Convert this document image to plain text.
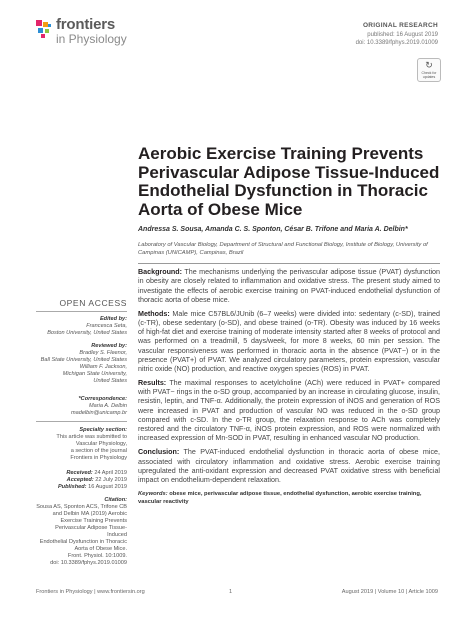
frontiers
in Physiology
ORIGINAL RESEARCH
published: 16 August 2019
doi: 10.3389/fphys.2019.01009
↻
Check for updates
Aerobic Exercise Training Prevents Perivascular Adipose Tissue-Induced Endothelial Dysfunction in Thoracic Aorta of Obese Mice
Andressa S. Sousa, Amanda C. S. Sponton, César B. Trifone and Maria A. Delbin*
Laboratory of Vascular Biology, Department of Structural and Functional Biology, Institute of Biology, University of Campinas (UNICAMP), Campinas, Brazil

Background: The mechanisms underlying the perivascular adipose tissue (PVAT) dysfunction in obesity are closely related to inflammation and oxidative stress. The present study aimed to investigate the effects of aerobic exercise training on PVAT-induced endothelial dysfunction of thoracic aorta of obese mice.

Methods: Male mice C57BL6/JUnib (6–7 weeks) were divided into: sedentary (c-SD), trained (c-TR), obese sedentary (o-SD), and obese trained (o-TR). Obesity was induced by 16 weeks of high-fat diet and exercise training of moderate intensity started after 8 weeks of protocol and was performed on a treadmill, 5 days/week, for more 8 weeks, 60 min per session. The vascular responsiveness was performed in thoracic aorta in the absence (PVAT−) or in the presence (PVAT+) of PVAT. We analyzed circulatory parameters, protein expression, vascular nitric oxide (NO) production, and reactive oxygen species (ROS) in PVAT.

Results: The maximal responses to acetylcholine (ACh) were reduced in PVAT+ compared with PVAT− rings in the o-SD group, accompanied by an increase in circulating glucose, insulin, resistin, leptin, and TNF-α. Additionally, the protein expression of iNOS and generation of ROS were increased in PVAT and production of vascular NO was reduced in the o-SD group compared with c-SD. In the o-TR group, the relaxation response to ACh was completely restored and the circulatory TNF-α, iNOS protein expression, and ROS were normalized with increased expression of Mn-SOD in PVAT, resulting in enhanced vascular NO production.

Conclusion: The PVAT-induced endothelial dysfunction in thoracic aorta of obese mice, associated with circulatory inflammation and oxidative stress. Aerobic exercise training upregulated the anti-oxidant expression and decreased PVAT oxidative stress with beneficial impact on endothelium-dependent relaxation.

Keywords: obese mice, perivascular adipose tissue, endothelial dysfunction, aerobic exercise training, vascular reactivity

OPEN ACCESS
Edited by:
Francesca Seta,
Boston University, United States
Reviewed by:
Bradley S. Fleenor,
Ball State University, United States
William F. Jackson,
Michigan State University,
United States
*Correspondence:
Maria A. Delbin
madelbin@unicamp.br
Specialty section:
This article was submitted to
Vascular Physiology,
a section of the journal
Frontiers in Physiology
Received: 24 April 2019
Accepted: 22 July 2019
Published: 16 August 2019
Citation:
Sousa AS, Sponton ACS, Trifone CB
and Delbin MA (2019) Aerobic
Exercise Training Prevents
Perivascular Adipose Tissue-Induced
Endothelial Dysfunction in Thoracic
Aorta of Obese Mice.
Front. Physiol. 10:1009.
doi: 10.3389/fphys.2019.01009
Frontiers in Physiology | www.frontiersin.org	1	August 2019 | Volume 10 | Article 1009
